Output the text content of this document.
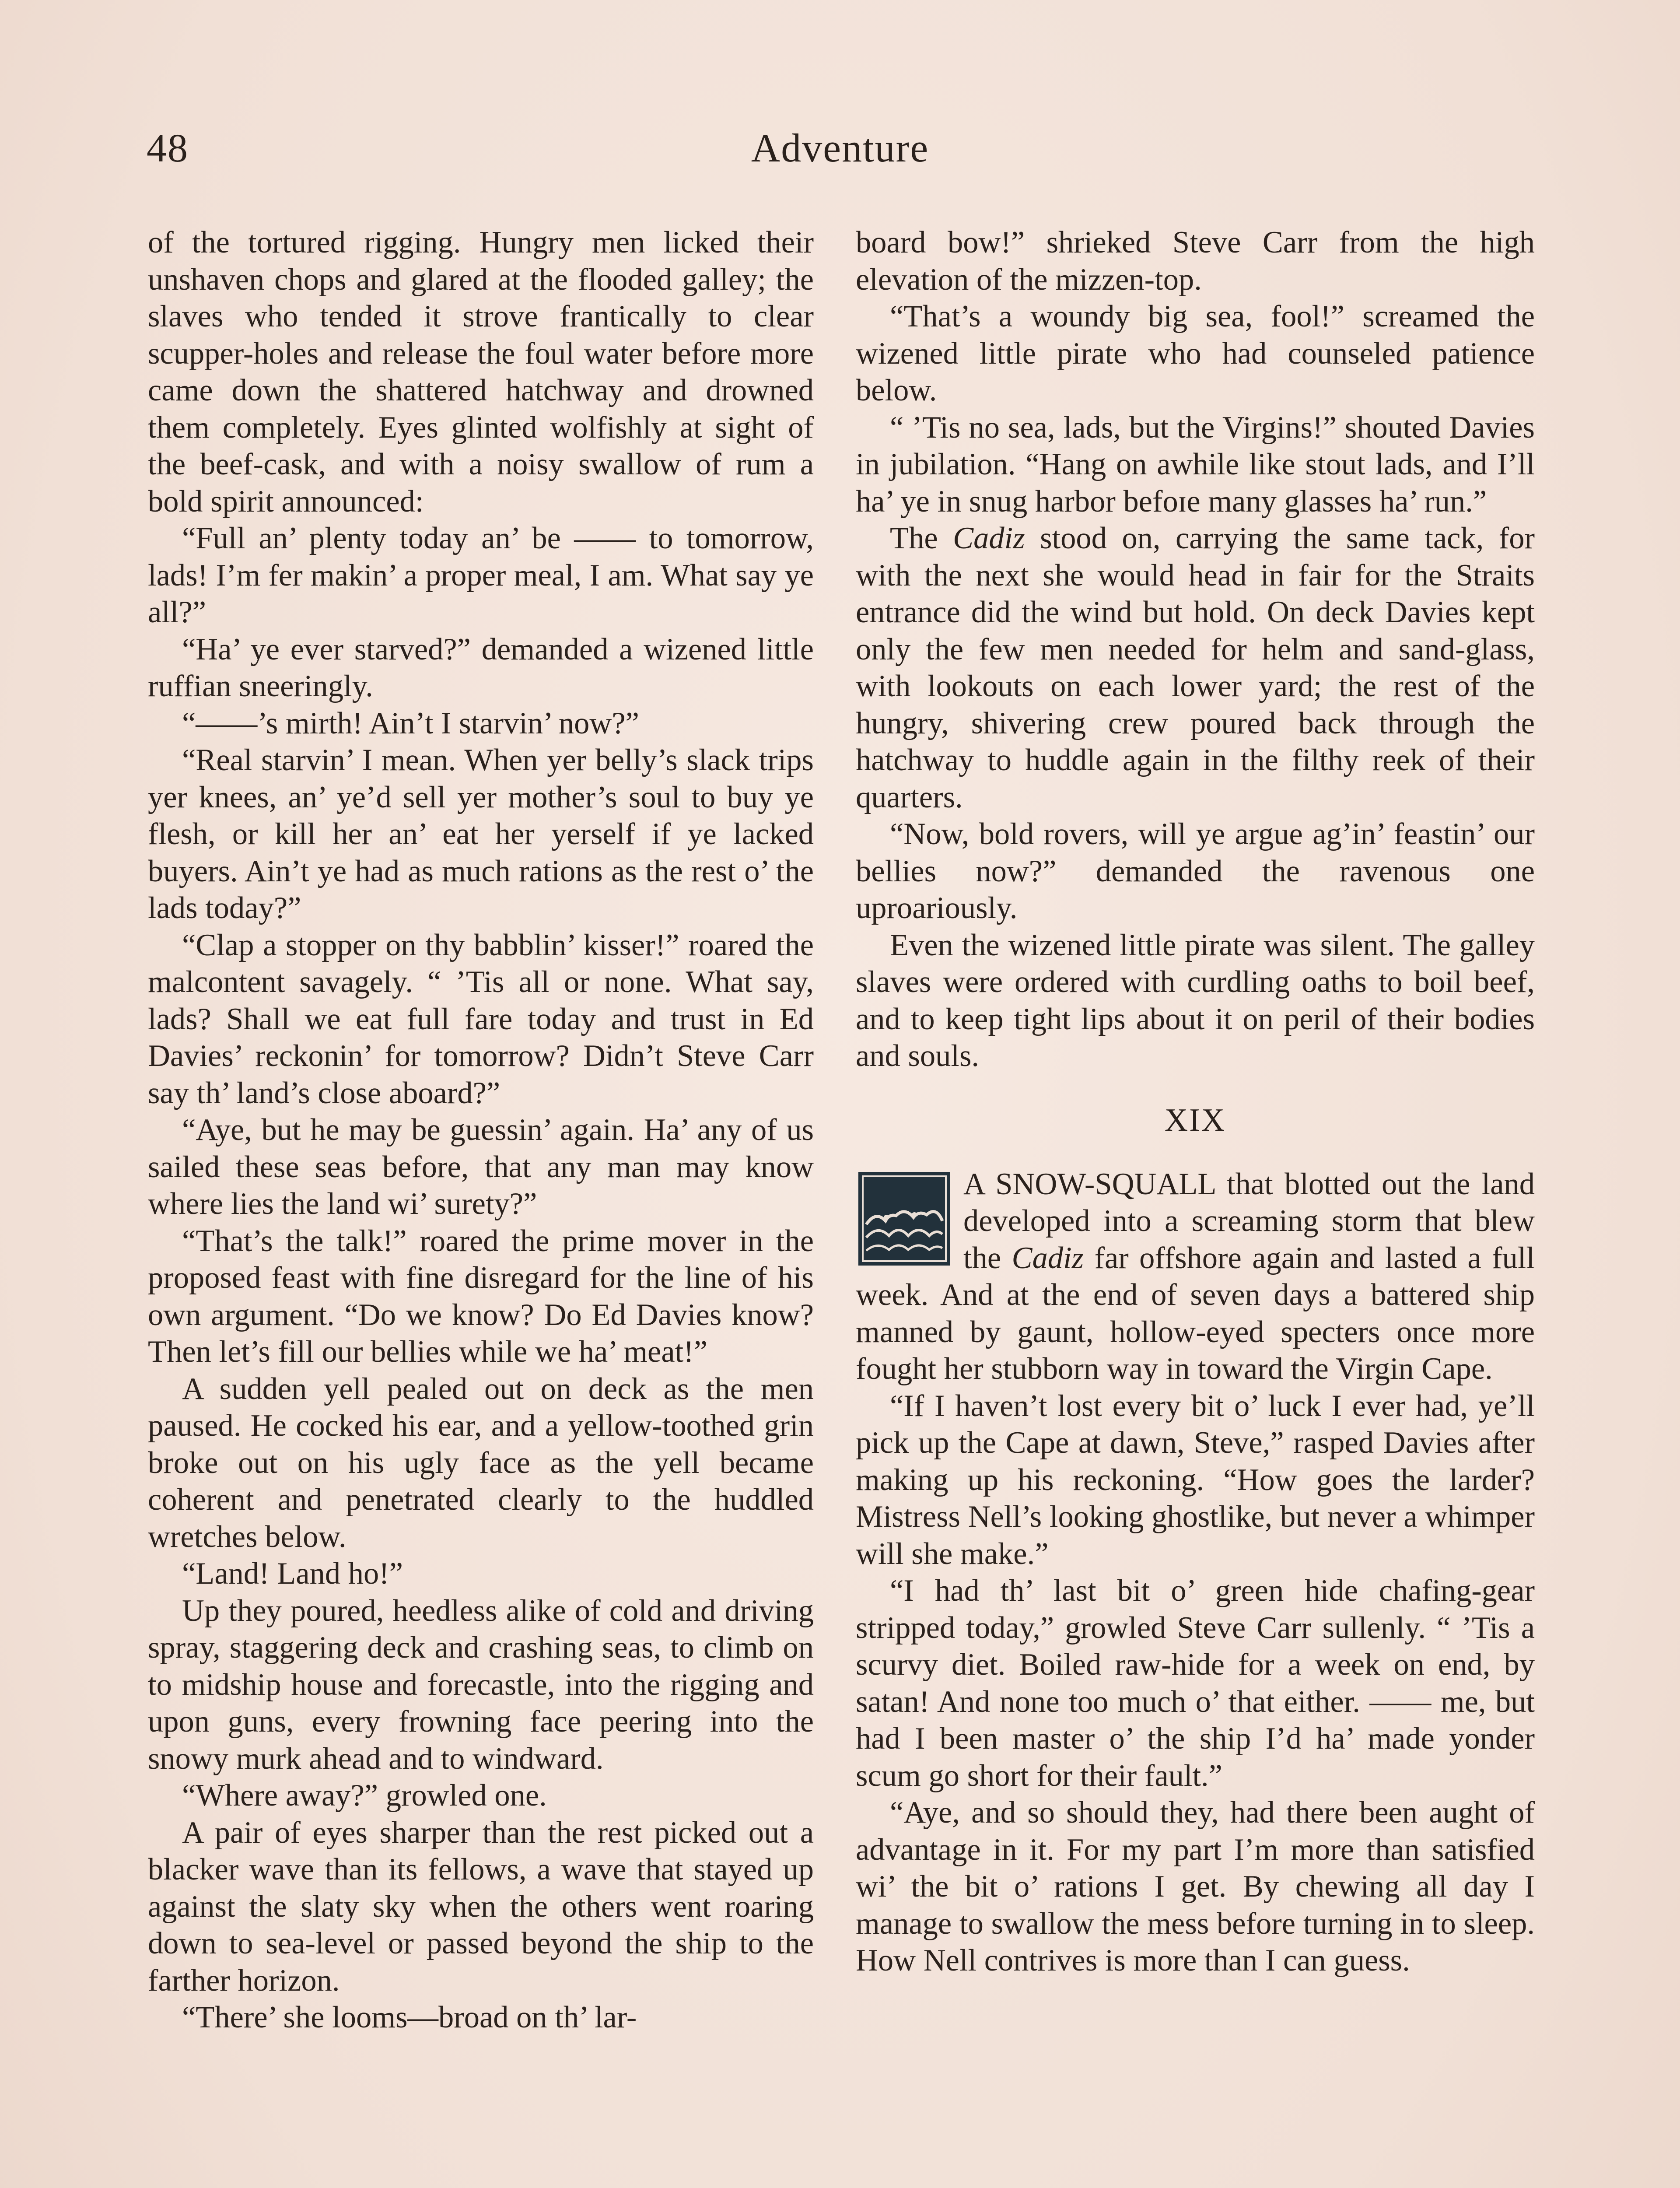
48	Adventure

of the tortured rigging. Hungry men licked their unshaven chops and glared at the flooded galley; the slaves who tended it strove frantically to clear scupper-holes and release the foul water before more came down the shattered hatchway and drowned them completely. Eyes glinted wolfishly at sight of the beef-cask, and with a noisy swallow of rum a bold spirit announced:

“Full an’ plenty today an’ be —— to tomorrow, lads! I’m fer makin’ a proper meal, I am. What say ye all?”

“Ha’ ye ever starved?” demanded a wizened little ruffian sneeringly.

“——’s mirth! Ain’t I starvin’ now?”

“Real starvin’ I mean. When yer belly’s slack trips yer knees, an’ ye’d sell yer mother’s soul to buy ye flesh, or kill her an’ eat her yerself if ye lacked buyers. Ain’t ye had as much rations as the rest o’ the lads today?”

“Clap a stopper on thy babblin’ kisser!” roared the malcontent savagely. “ ’Tis all or none. What say, lads? Shall we eat full fare today and trust in Ed Davies’ reckonin’ for tomorrow? Didn’t Steve Carr say th’ land’s close aboard?”

“Aye, but he may be guessin’ again. Ha’ any of us sailed these seas before, that any man may know where lies the land wi’ surety?”

“That’s the talk!” roared the prime mover in the proposed feast with fine disregard for the line of his own argument. “Do we know? Do Ed Davies know? Then let’s fill our bellies while we ha’ meat!”

A sudden yell pealed out on deck as the men paused. He cocked his ear, and a yellow-toothed grin broke out on his ugly face as the yell became coherent and penetrated clearly to the huddled wretches below.

“Land! Land ho!”

Up they poured, heedless alike of cold and driving spray, staggering deck and crashing seas, to climb on to midship house and forecastle, into the rigging and upon guns, every frowning face peering into the snowy murk ahead and to windward.

“Where away?” growled one.

A pair of eyes sharper than the rest picked out a blacker wave than its fellows, a wave that stayed up against the slaty sky when the others went roaring down to sea-level or passed beyond the ship to the farther horizon.

“There’ she looms—broad on th’ lar-

board bow!” shrieked Steve Carr from the high elevation of the mizzen-top.

“That’s a woundy big sea, fool!” screamed the wizened little pirate who had counseled patience below.

“ ’Tis no sea, lads, but the Virgins!” shouted Davies in jubilation. “Hang on awhile like stout lads, and I’ll ha’ ye in snug harbor befoɪe many glasses ha’ run.”

The Cadiz stood on, carrying the same tack, for with the next she would head in fair for the Straits entrance did the wind but hold. On deck Davies kept only the few men needed for helm and sand-glass, with lookouts on each lower yard; the rest of the hungry, shivering crew poured back through the hatchway to huddle again in the filthy reek of their quarters.

“Now, bold rovers, will ye argue ag’in’ feastin’ our bellies now?” demanded the ravenous one uproariously.

Even the wizened little pirate was silent. The galley slaves were ordered with curdling oaths to boil beef, and to keep tight lips about it on peril of their bodies and souls.

XIX

A SNOW-SQUALL that blotted out the land developed into a screaming storm that blew the Cadiz far offshore again and lasted a full week. And at the end of seven days a battered ship manned by gaunt, hollow-eyed specters once more fought her stubborn way in toward the Virgin Cape.

“If I haven’t lost every bit o’ luck I ever had, ye’ll pick up the Cape at dawn, Steve,” rasped Davies after making up his reckoning. “How goes the larder? Mistress Nell’s looking ghostlike, but never a whimper will she make.”

“I had th’ last bit o’ green hide chafing-gear stripped today,” growled Steve Carr sullenly. “ ’Tis a scurvy diet. Boiled raw-hide for a week on end, by satan! And none too much o’ that either. —— me, but had I been master o’ the ship I’d ha’ made yonder scum go short for their fault.”

“Aye, and so should they, had there been aught of advantage in it. For my part I’m more than satisfied wi’ the bit o’ rations I get. By chewing all day I manage to swallow the mess before turning in to sleep. How Nell contrives is more than I can guess.
